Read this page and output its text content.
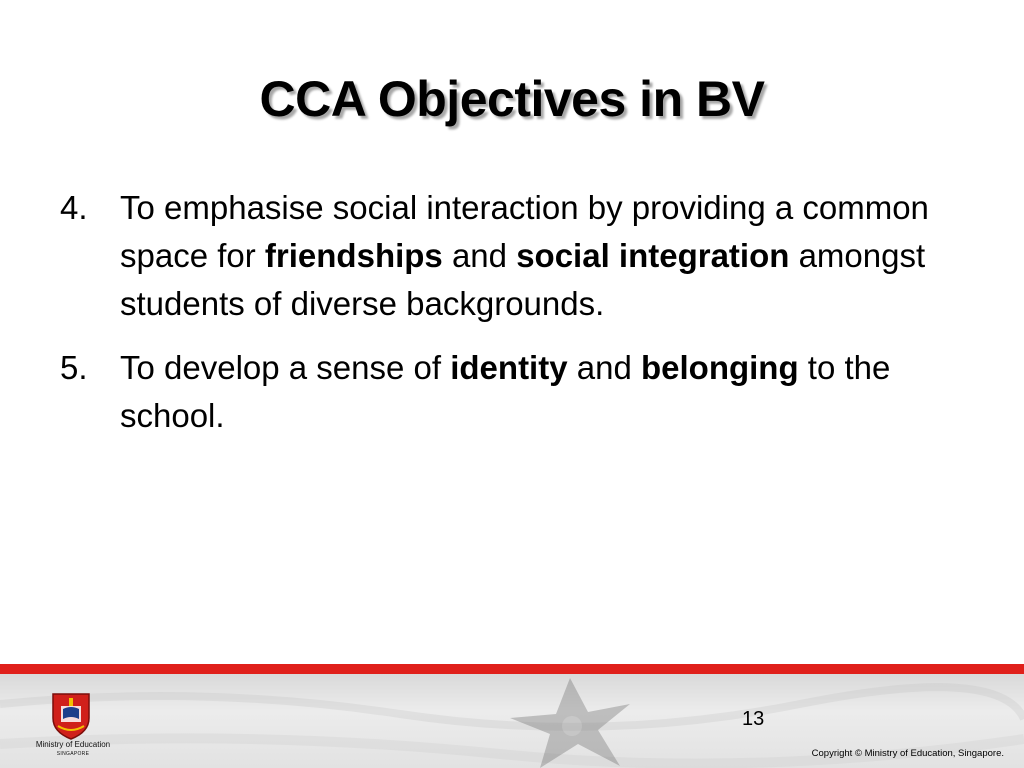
CCA Objectives in BV
4. To emphasise social interaction by providing a common space for friendships and social integration amongst students of diverse backgrounds.
5. To develop a sense of identity and belonging to the school.
Ministry of Education
SINGAPORE
13
Copyright © Ministry of Education, Singapore.
